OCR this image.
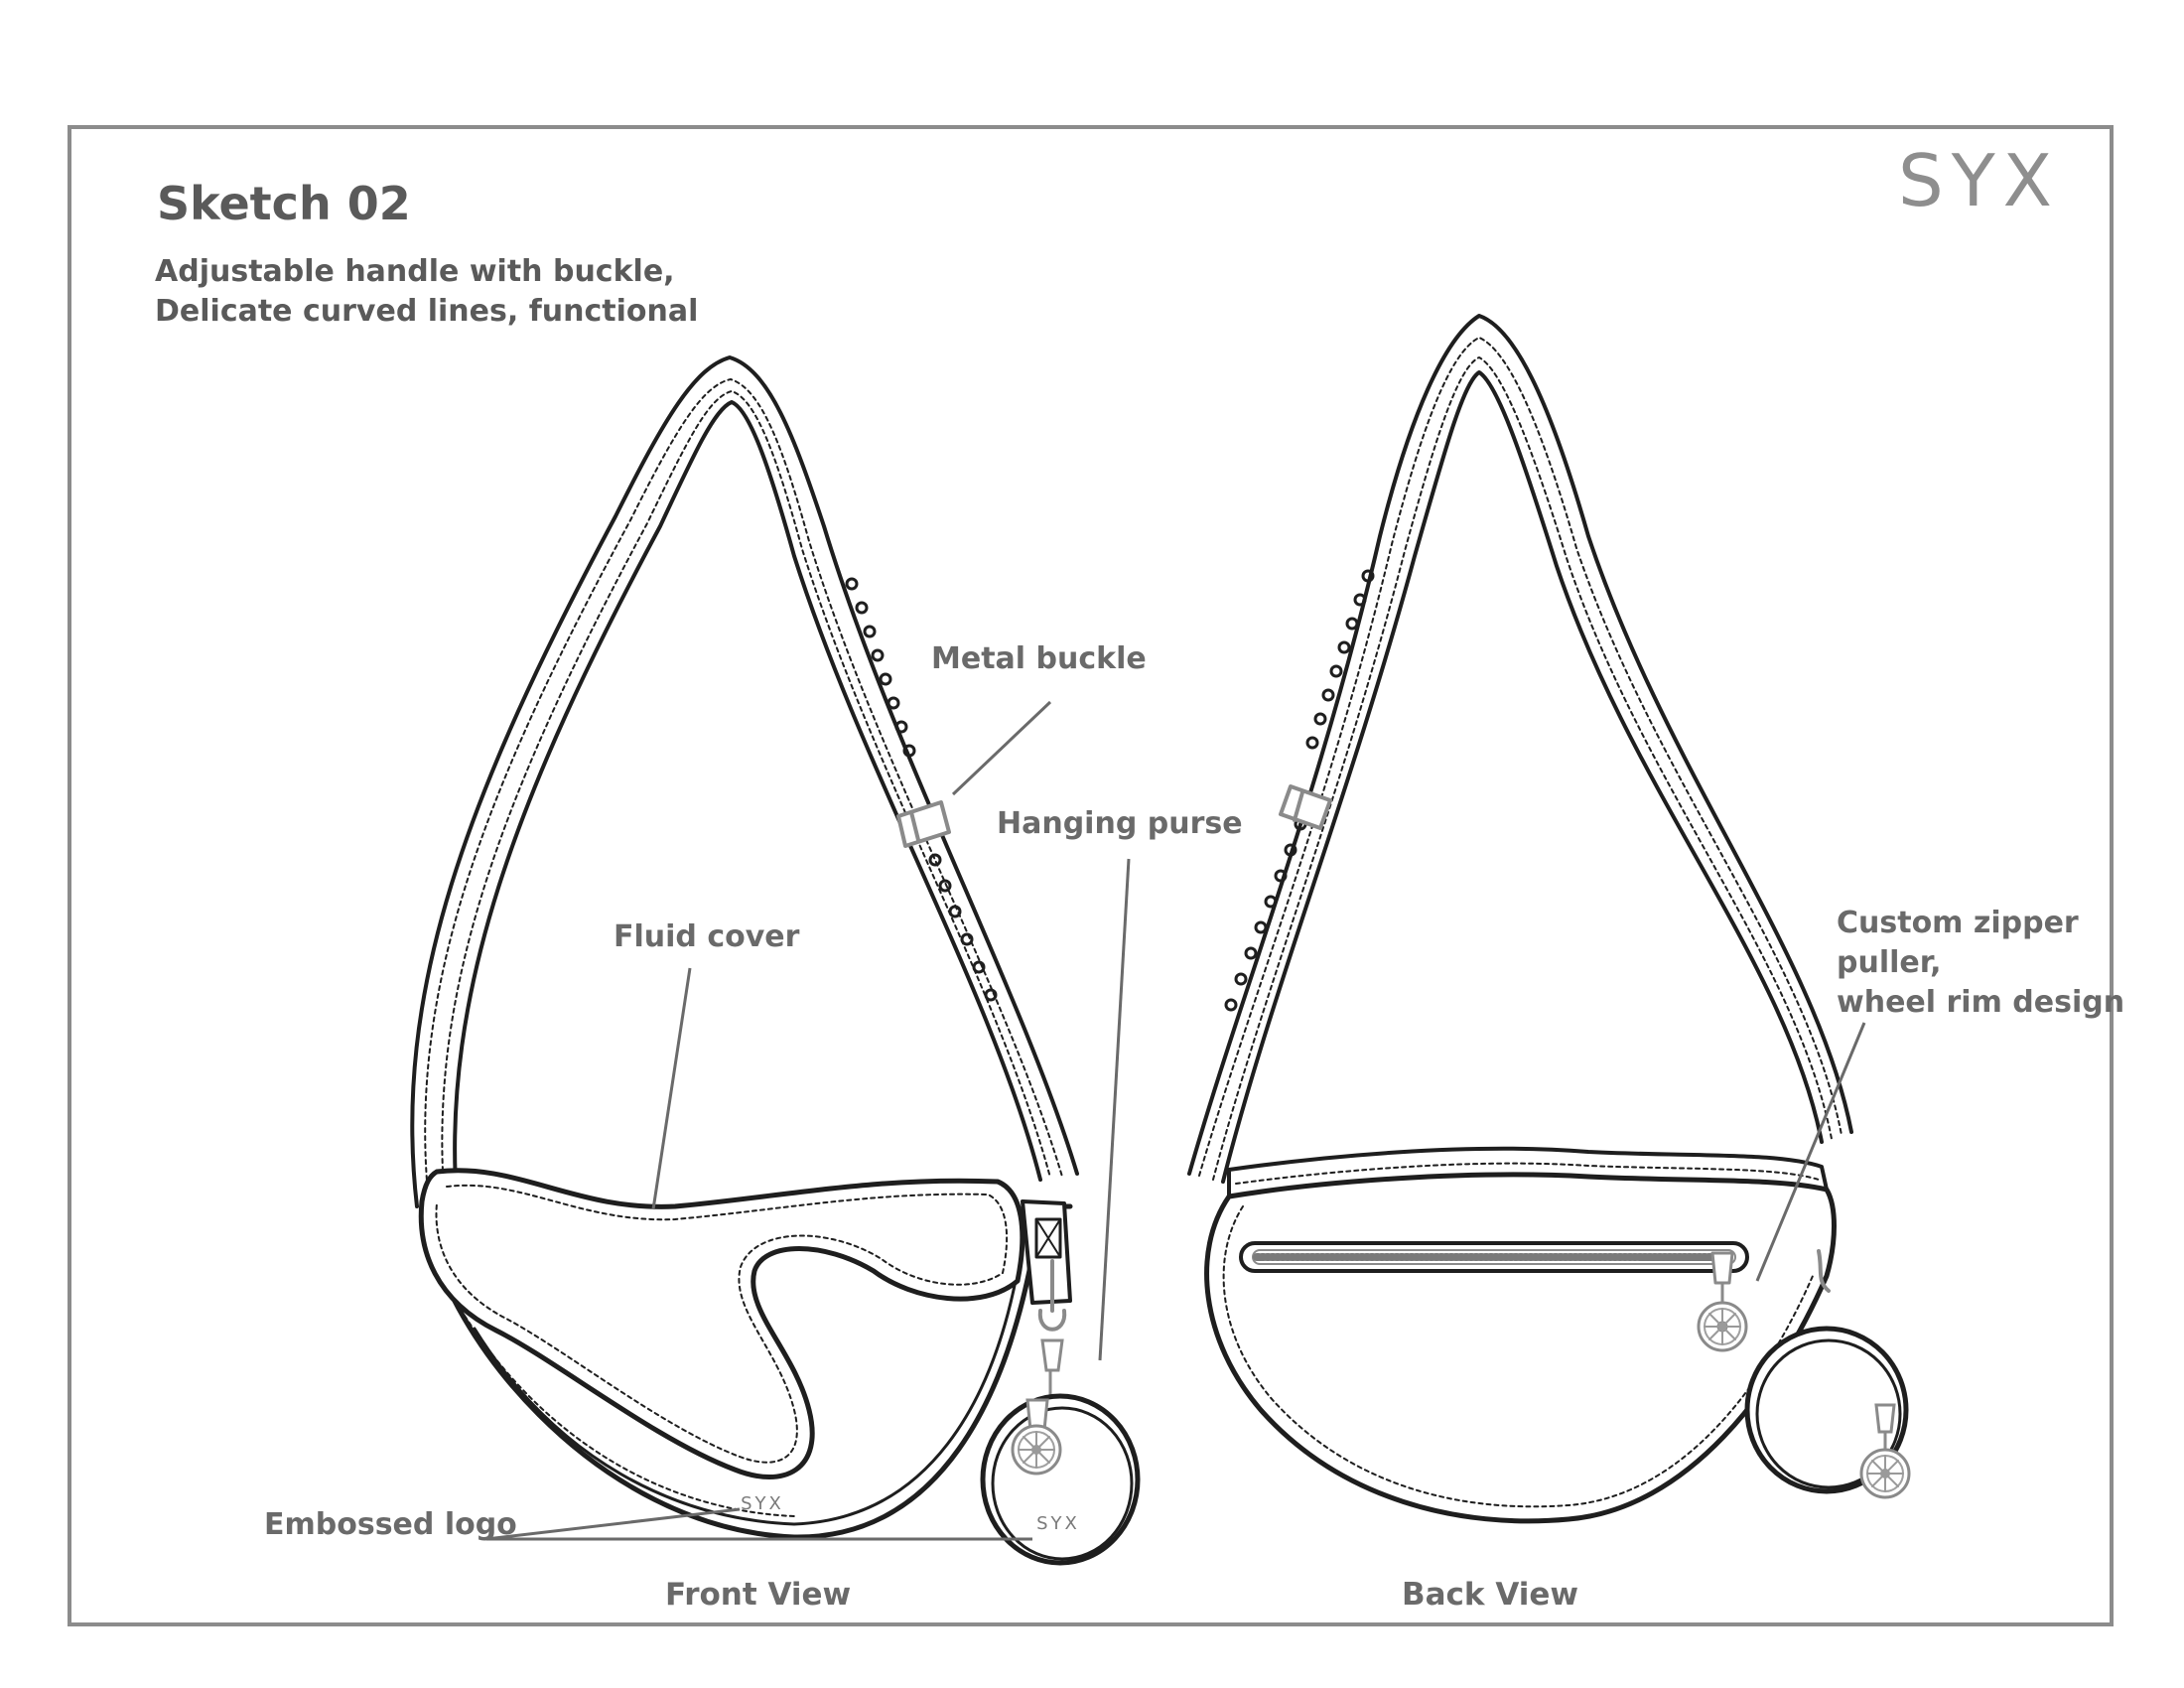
Sketch 02
Adjustable handle with buckle,
Delicate curved lines, functional
SYX
SYX
SYX
Metal buckle
Hanging purse
Fluid cover	Custom zipper
puller,
wheel rim design
Embossed logo
Front View	Back View
